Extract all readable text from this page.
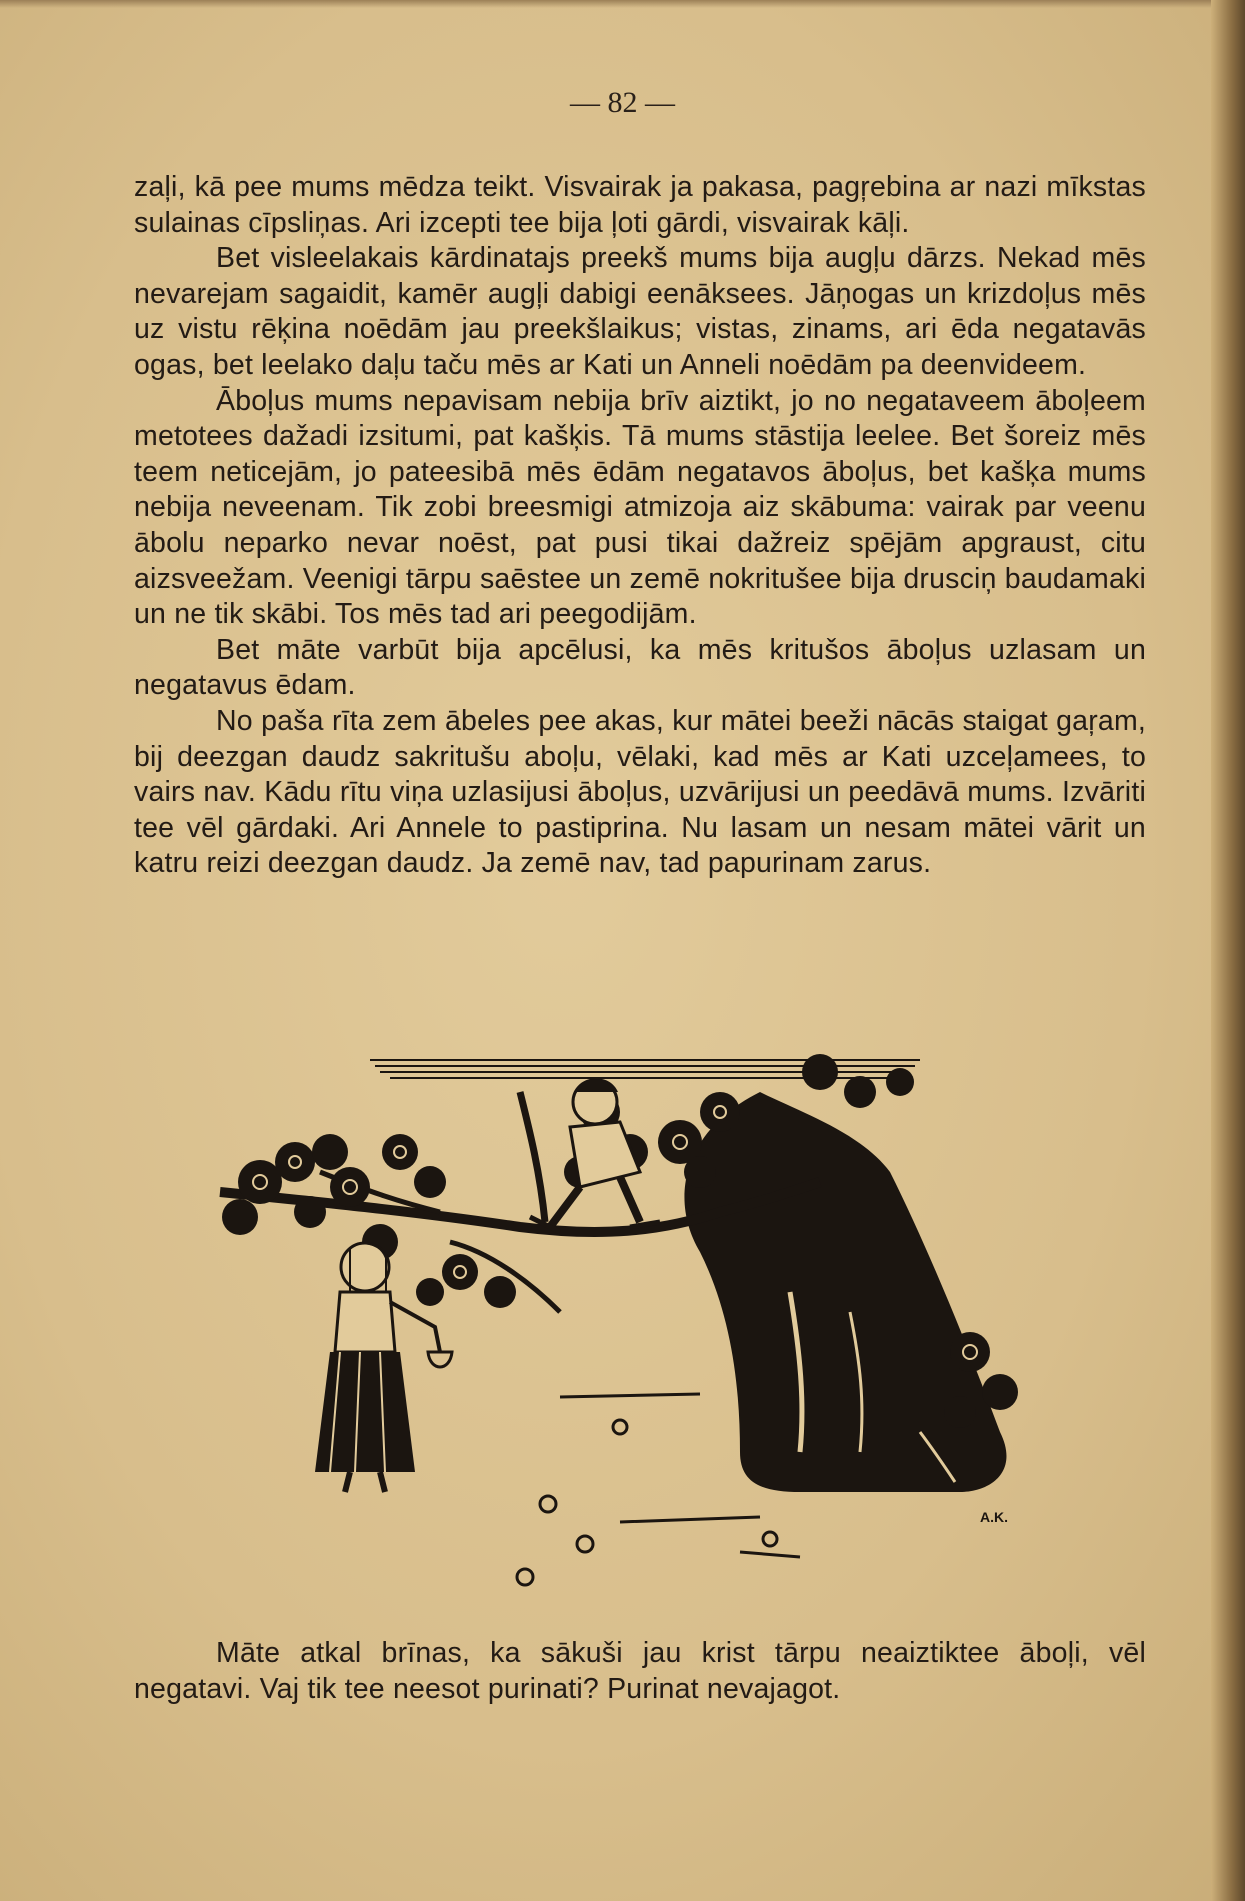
— 82 —

zaļi, kā pee mums mēdza teikt. Visvairak ja pakasa, pagŗebina ar nazi mīkstas sulainas cīpsliņas. Ari izcepti tee bija ļoti gārdi, visvairak kāļi.

Bet visleelakais kārdinatajs preekš mums bija augļu dārzs. Nekad mēs nevarejam sagaidit, kamēr augļi dabigi eenāksees. Jāņogas un krizdoļus mēs uz vistu rēķina noēdām jau preekšlaikus; vistas, zinams, ari ēda negatavās ogas, bet leelako daļu taču mēs ar Kati un Anneli noēdām pa deenvideem.

Āboļus mums nepavisam nebija brīv aiztikt, jo no negataveem āboļeem metotees dažadi izsitumi, pat kašķis. Tā mums stāstija leelee. Bet šoreiz mēs teem neticejām, jo pateesibā mēs ēdām negatavos āboļus, bet kašķa mums nebija neveenam. Tik zobi breesmigi atmizoja aiz skābuma: vairak par veenu ābolu neparko nevar noēst, pat pusi tikai dažreiz spējām apgraust, citu aizsveežam. Veenigi tārpu saēstee un zemē nokritušee bija drusciņ baudamaki un ne tik skābi. Tos mēs tad ari peegodijām.

Bet māte varbūt bija apcēlusi, ka mēs kritušos āboļus uzlasam un negatavus ēdam.

No paša rīta zem ābeles pee akas, kur mātei beeži nācās staigat gaŗam, bij deezgan daudz sakritušu aboļu, vēlaki, kad mēs ar Kati uzceļamees, to vairs nav. Kādu rītu viņa uzlasijusi āboļus, uzvārijusi un peedāvā mums. Izvāriti tee vēl gārdaki. Ari Annele to pastiprina. Nu lasam un nesam mātei vārit un katru reizi deezgan daudz. Ja zemē nav, tad papurinam zarus.

A.K.

Māte atkal brīnas, ka sākuši jau krist tārpu neaiztiktee āboļi, vēl negatavi. Vaj tik tee neesot purinati? Purinat nevajagot.
